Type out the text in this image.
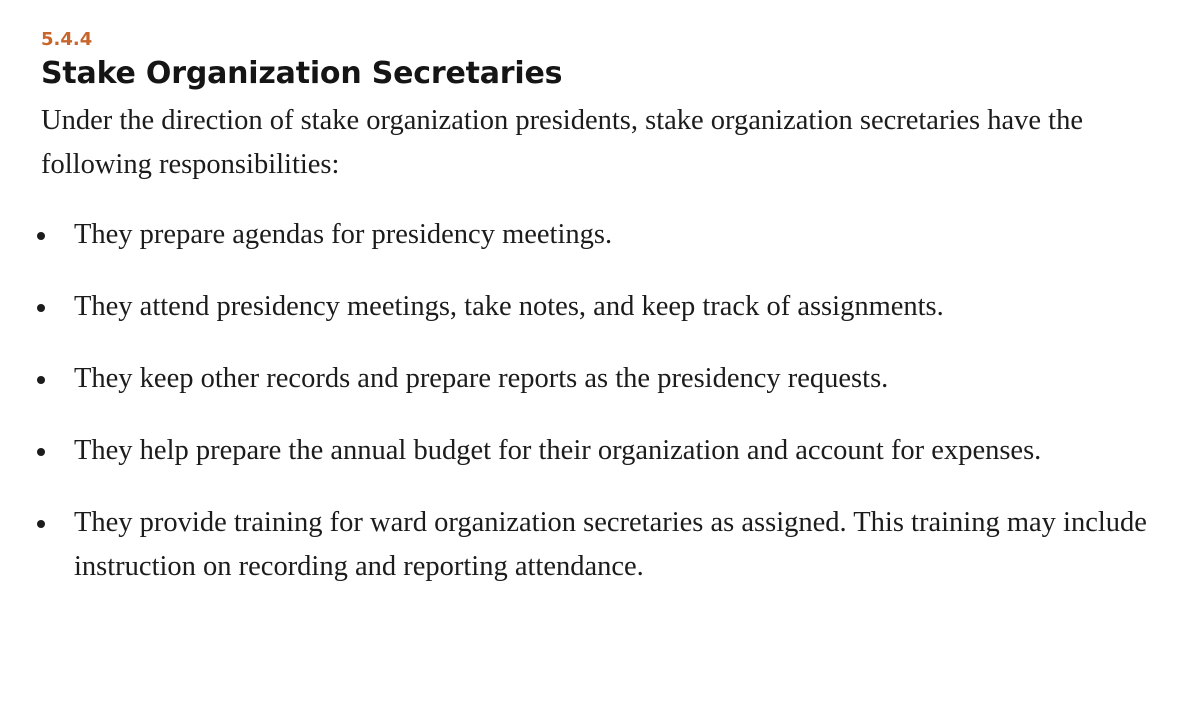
5.4.4
Stake Organization Secretaries

Under the direction of stake organization presidents, stake organization secretaries have the following responsibilities:

They prepare agendas for presidency meetings.
They attend presidency meetings, take notes, and keep track of assignments.
They keep other records and prepare reports as the presidency requests.
They help prepare the annual budget for their organization and account for expenses.
They provide training for ward organization secretaries as assigned. This training may include instruction on recording and reporting attendance.
